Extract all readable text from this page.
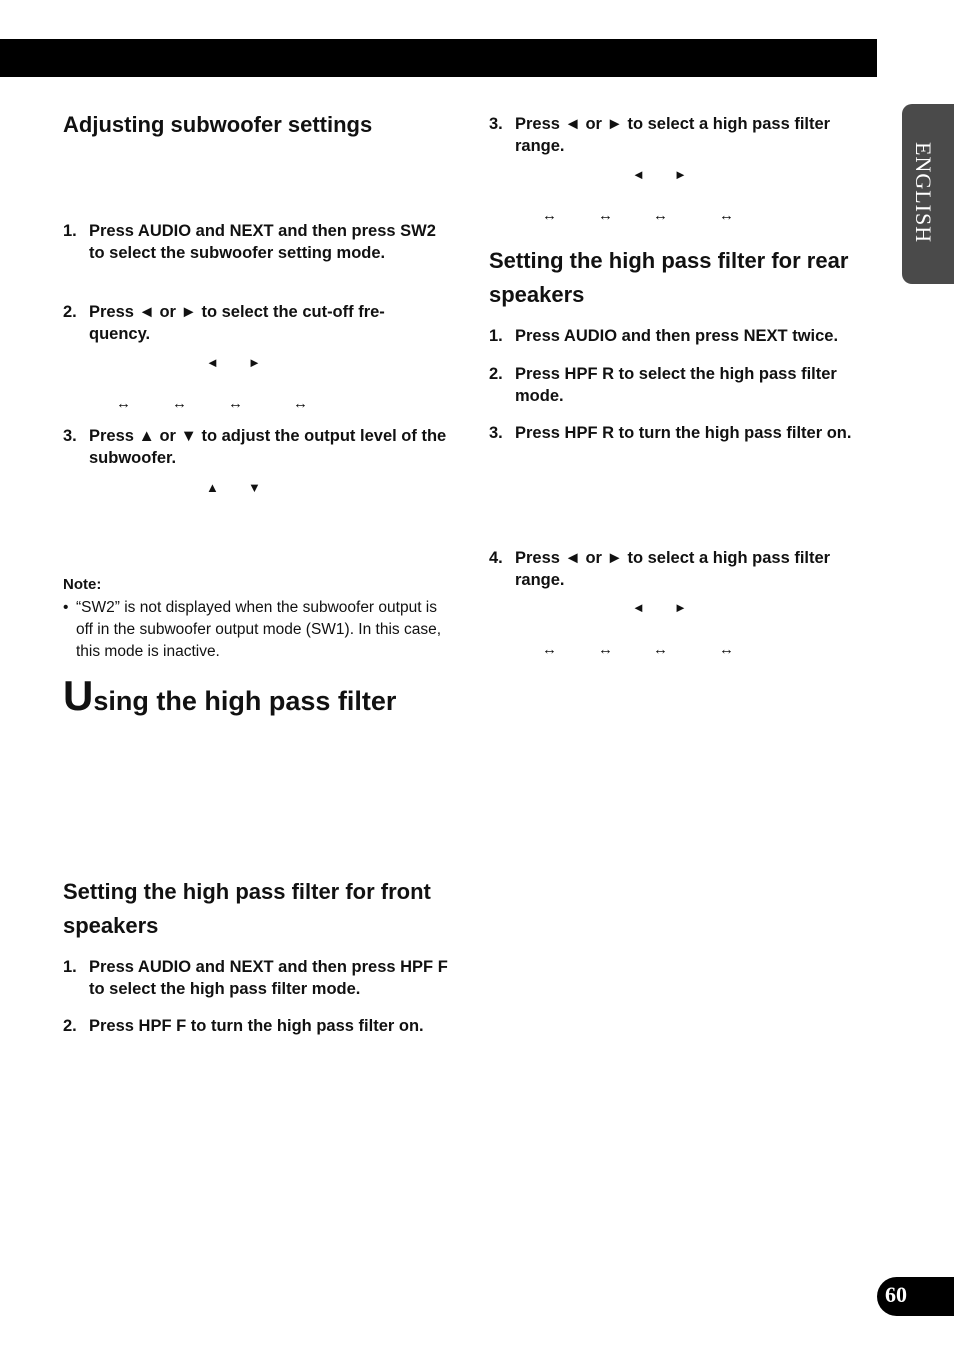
ENGLISH
Adjusting subwoofer settings
1. Press AUDIO and NEXT and then press SW2 to select the subwoofer setting mode.
2. Press ◄ or ► to select the cut-off fre-quency.
◄ ►
↔	↔	↔	↔
3. Press ▲ or ▼ to adjust the output level of the subwoofer.
▲ ▼
Note:
• “SW2” is not displayed when the subwoofer output is off in the subwoofer output mode (SW1). In this case, this mode is inactive.
Using the high pass filter
Setting the high pass filter for front speakers
1. Press AUDIO and NEXT and then press HPF F to select the high pass filter mode.
2. Press HPF F to turn the high pass filter on.
3. Press ◄ or ► to select a high pass filter range.
◄ ►
↔	↔	↔	↔
Setting the high pass filter for rear speakers
1. Press AUDIO and then press NEXT twice.
2. Press HPF R to select the high pass filter mode.
3. Press HPF R to turn the high pass filter on.
4. Press ◄ or ► to select a high pass filter range.
◄ ►
↔	↔	↔	↔
60
